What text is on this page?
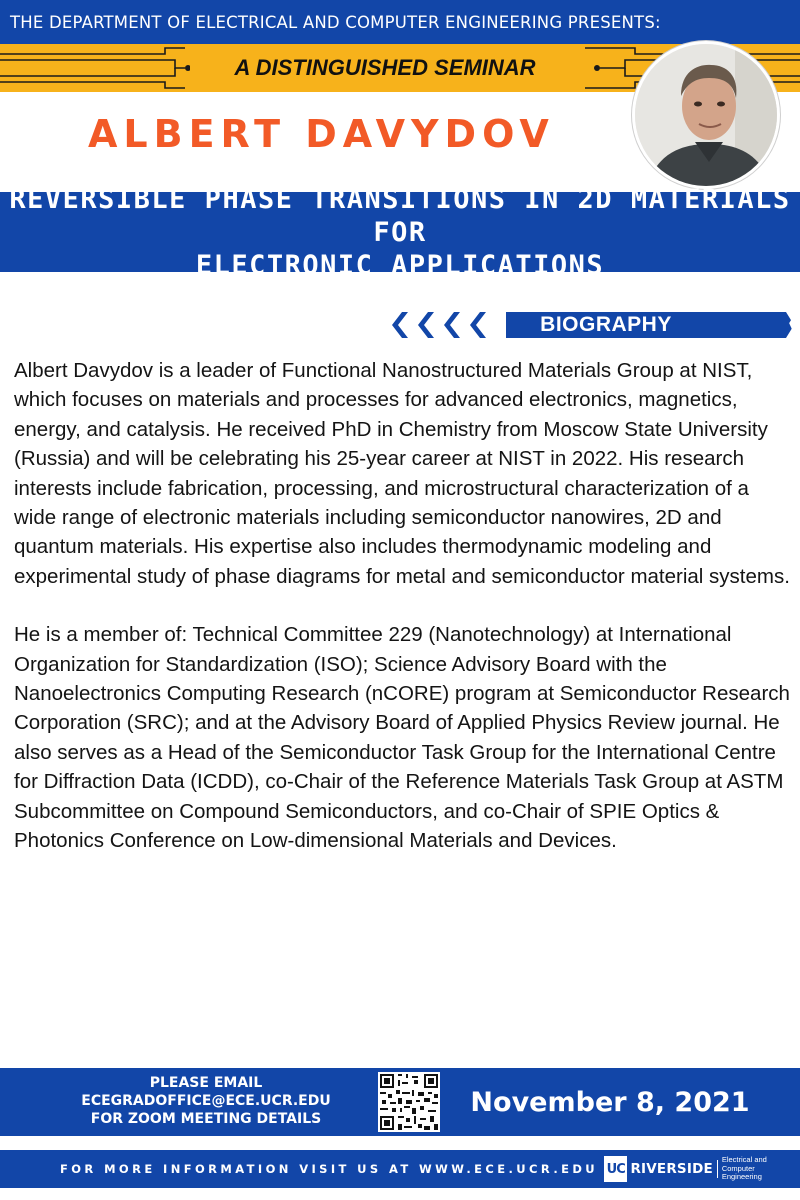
THE DEPARTMENT OF ELECTRICAL AND COMPUTER ENGINEERING PRESENTS:
A DISTINGUISHED SEMINAR
ALBERT DAVYDOV
REVERSIBLE PHASE TRANSITIONS IN 2D MATERIALS FOR
ELECTRONIC APPLICATIONS
BIOGRAPHY

Albert Davydov is a leader of Functional Nanostructured Materials Group at NIST, which focuses on materials and processes for advanced electronics, magnetics, energy, and catalysis. He received PhD in Chemistry from Moscow State University (Russia) and will be celebrating his 25-year career at NIST in 2022. His research interests include fabrication, processing, and microstructural characterization of a wide range of electronic materials including semiconductor nanowires, 2D and quantum materials. His expertise also includes thermodynamic modeling and experimental study of phase diagrams for metal and semiconductor material systems.

He is a member of: Technical Committee 229 (Nanotechnology) at International Organization for Standardization (ISO); Science Advisory Board with the Nanoelectronics Computing Research (nCORE) program at Semiconductor Research Corporation (SRC); and at the Advisory Board of Applied Physics Review journal. He also serves as a Head of the Semiconductor Task Group for the International Centre for Diffraction Data (ICDD), co-Chair of the Reference Materials Task Group at ASTM Subcommittee on Compound Semiconductors, and co-Chair of SPIE Optics & Photonics Conference on Low-dimensional Materials and Devices.

PLEASE EMAIL
ECEGRADOFFICE@ECE.UCR.EDU
FOR ZOOM MEETING DETAILS
November 8, 2021
FOR MORE INFORMATION VISIT US AT WWW.ECE.UCR.EDU UC RIVERSIDE
Electrical and Computer
Engineering
